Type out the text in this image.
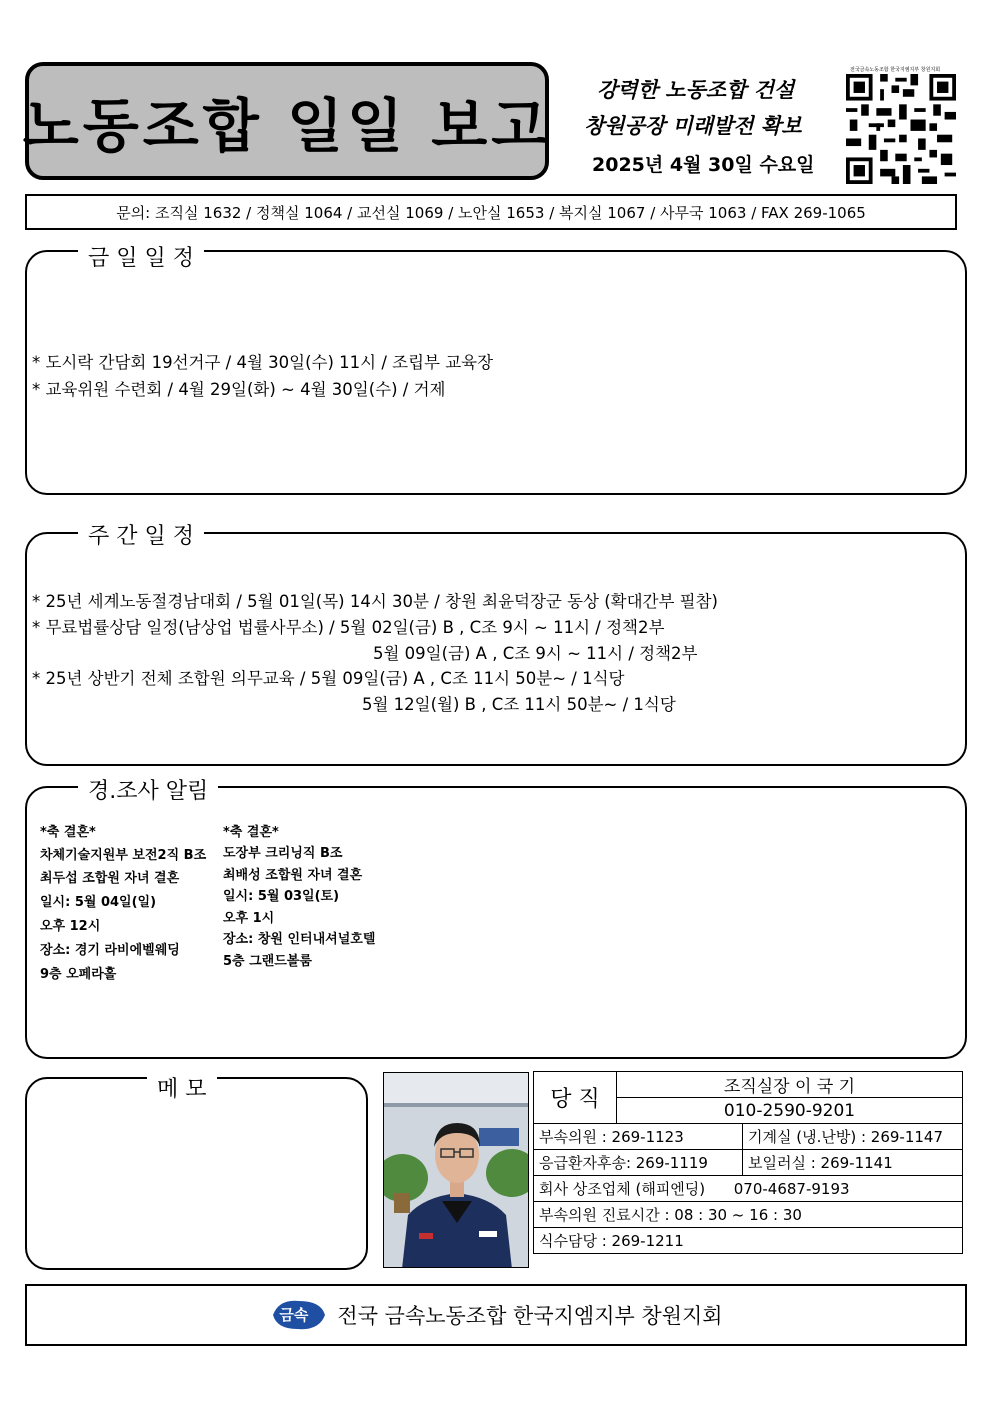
노동조합 일일 보고
강력한 노동조합 건설
창원공장 미래발전 확보
2025년 4월 30일 수요일
전국금속노동조합 한국지엠지부 창원지회
문의: 조직실 1632 / 정책실 1064 / 교선실 1069 / 노안실 1653 / 복지실 1067 / 사무국 1063 / FAX 269-1065
금 일 일 정
* 도시락 간담회 19선거구 / 4월 30일(수) 11시 / 조립부 교육장
* 교육위원 수련회 / 4월 29일(화) ~ 4월 30일(수) / 거제
주 간 일 정
* 25년 세계노동절경남대회 / 5월 01일(목) 14시 30분 / 창원 최윤덕장군 동상 (확대간부 필참)
* 무료법률상담 일정(남상업 법률사무소) / 5월 02일(금) B , C조 9시 ~ 11시 / 정책2부
5월 09일(금) A , C조 9시 ~ 11시 / 정책2부
* 25년 상반기 전체 조합원 의무교육 / 5월 09일(금) A , C조 11시 50분~ / 1식당
5월 12일(월) B , C조 11시 50분~ / 1식당
경.조사 알림
*축 결혼*
차체기술지원부 보전2직 B조
최두섭 조합원 자녀 결혼
일시: 5월 04일(일)
오후 12시
장소: 경기 라비에벨웨딩
9층 오페라홀
*축 결혼*
도장부 크리닝직 B조
최배성 조합원 자녀 결혼
일시: 5월 03일(토)
오후 1시
장소: 창원 인터내셔널호텔
5층 그랜드볼룸
메 모	당 직	조직실장 이 국 기	
	010-2590-9201	
부속의원 : 269-1123		기계실 (냉.난방) : 269-1147
응급환자후송: 269-1119		보일러실 : 269-1141
회사 상조업체 (해피엔딩)      070-4687-9193		
부속의원 진료시간 : 08 : 30 ~ 16 : 30		
식수담당 : 269-1211		
금속 전국 금속노동조합 한국지엠지부 창원지회
